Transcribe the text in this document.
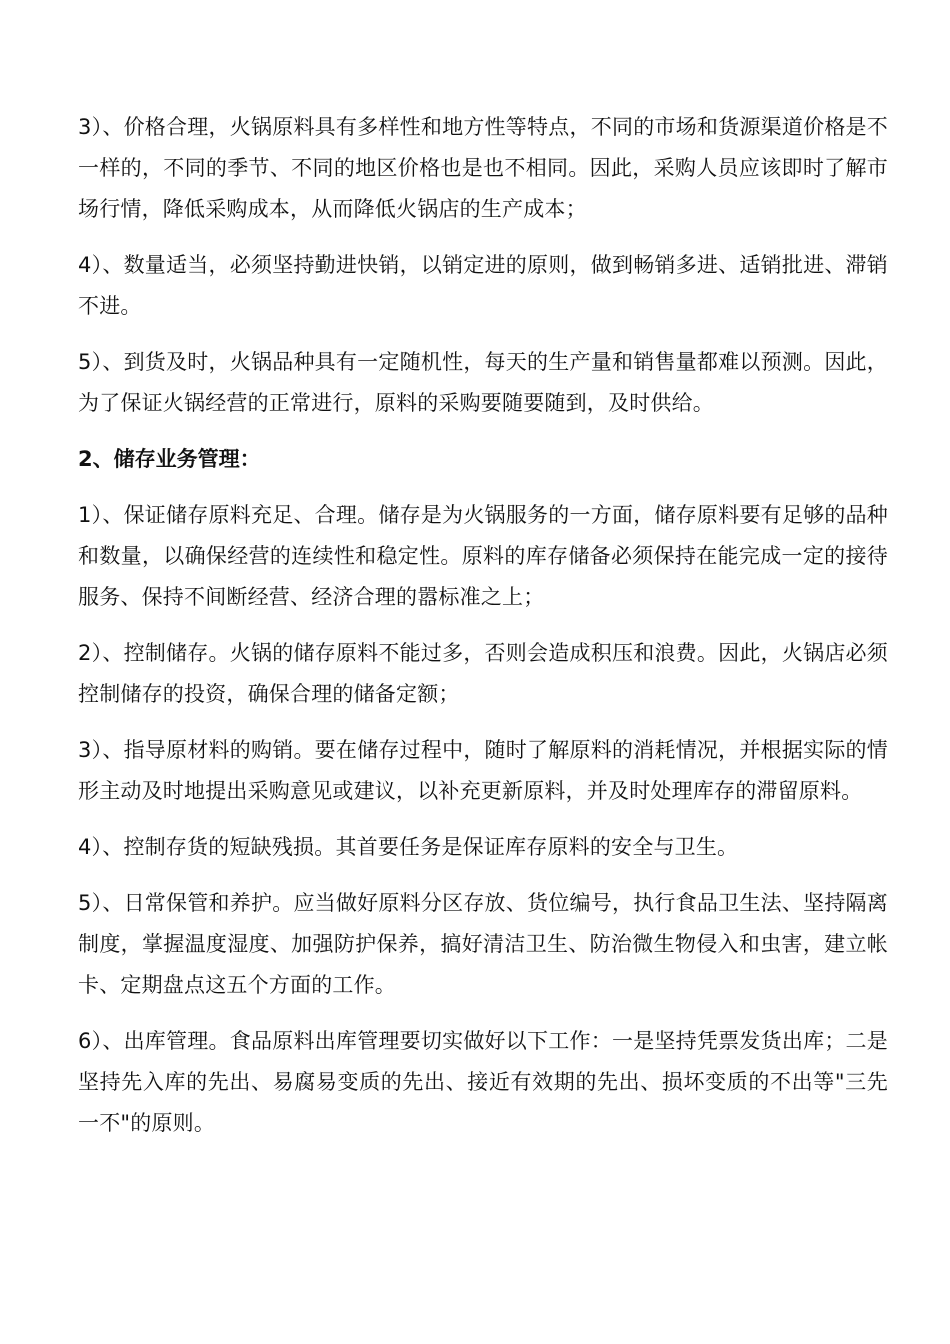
3）、价格合理，火锅原料具有多样性和地方性等特点，不同的市场和货源渠道价格是不一样的，不同的季节、不同的地区价格也是也不相同。因此，采购人员应该即时了解市场行情，降低采购成本，从而降低火锅店的生产成本；

4）、数量适当，必须坚持勤进快销，以销定进的原则，做到畅销多进、适销批进、滞销不进。

5）、到货及时，火锅品种具有一定随机性，每天的生产量和销售量都难以预测。因此，为了保证火锅经营的正常进行，原料的采购要随要随到，及时供给。

2、储存业务管理：

1）、保证储存原料充足、合理。储存是为火锅服务的一方面，储存原料要有足够的品种和数量，以确保经营的连续性和稳定性。原料的库存储备必须保持在能完成一定的接待服务、保持不间断经营、经济合理的嚣标准之上；

2）、控制储存。火锅的储存原料不能过多，否则会造成积压和浪费。因此，火锅店必须控制储存的投资，确保合理的储备定额；

3）、指导原材料的购销。要在储存过程中，随时了解原料的消耗情况，并根据实际的情形主动及时地提出采购意见或建议，以补充更新原料，并及时处理库存的滞留原料。

4）、控制存货的短缺残损。其首要任务是保证库存原料的安全与卫生。

5）、日常保管和养护。应当做好原料分区存放、货位编号，执行食品卫生法、坚持隔离制度，掌握温度湿度、加强防护保养，搞好清洁卫生、防治微生物侵入和虫害，建立帐卡、定期盘点这五个方面的工作。

6）、出库管理。食品原料出库管理要切实做好以下工作：一是坚持凭票发货出库；二是坚持先入库的先出、易腐易变质的先出、接近有效期的先出、损坏变质的不出等"三先一不"的原则。
